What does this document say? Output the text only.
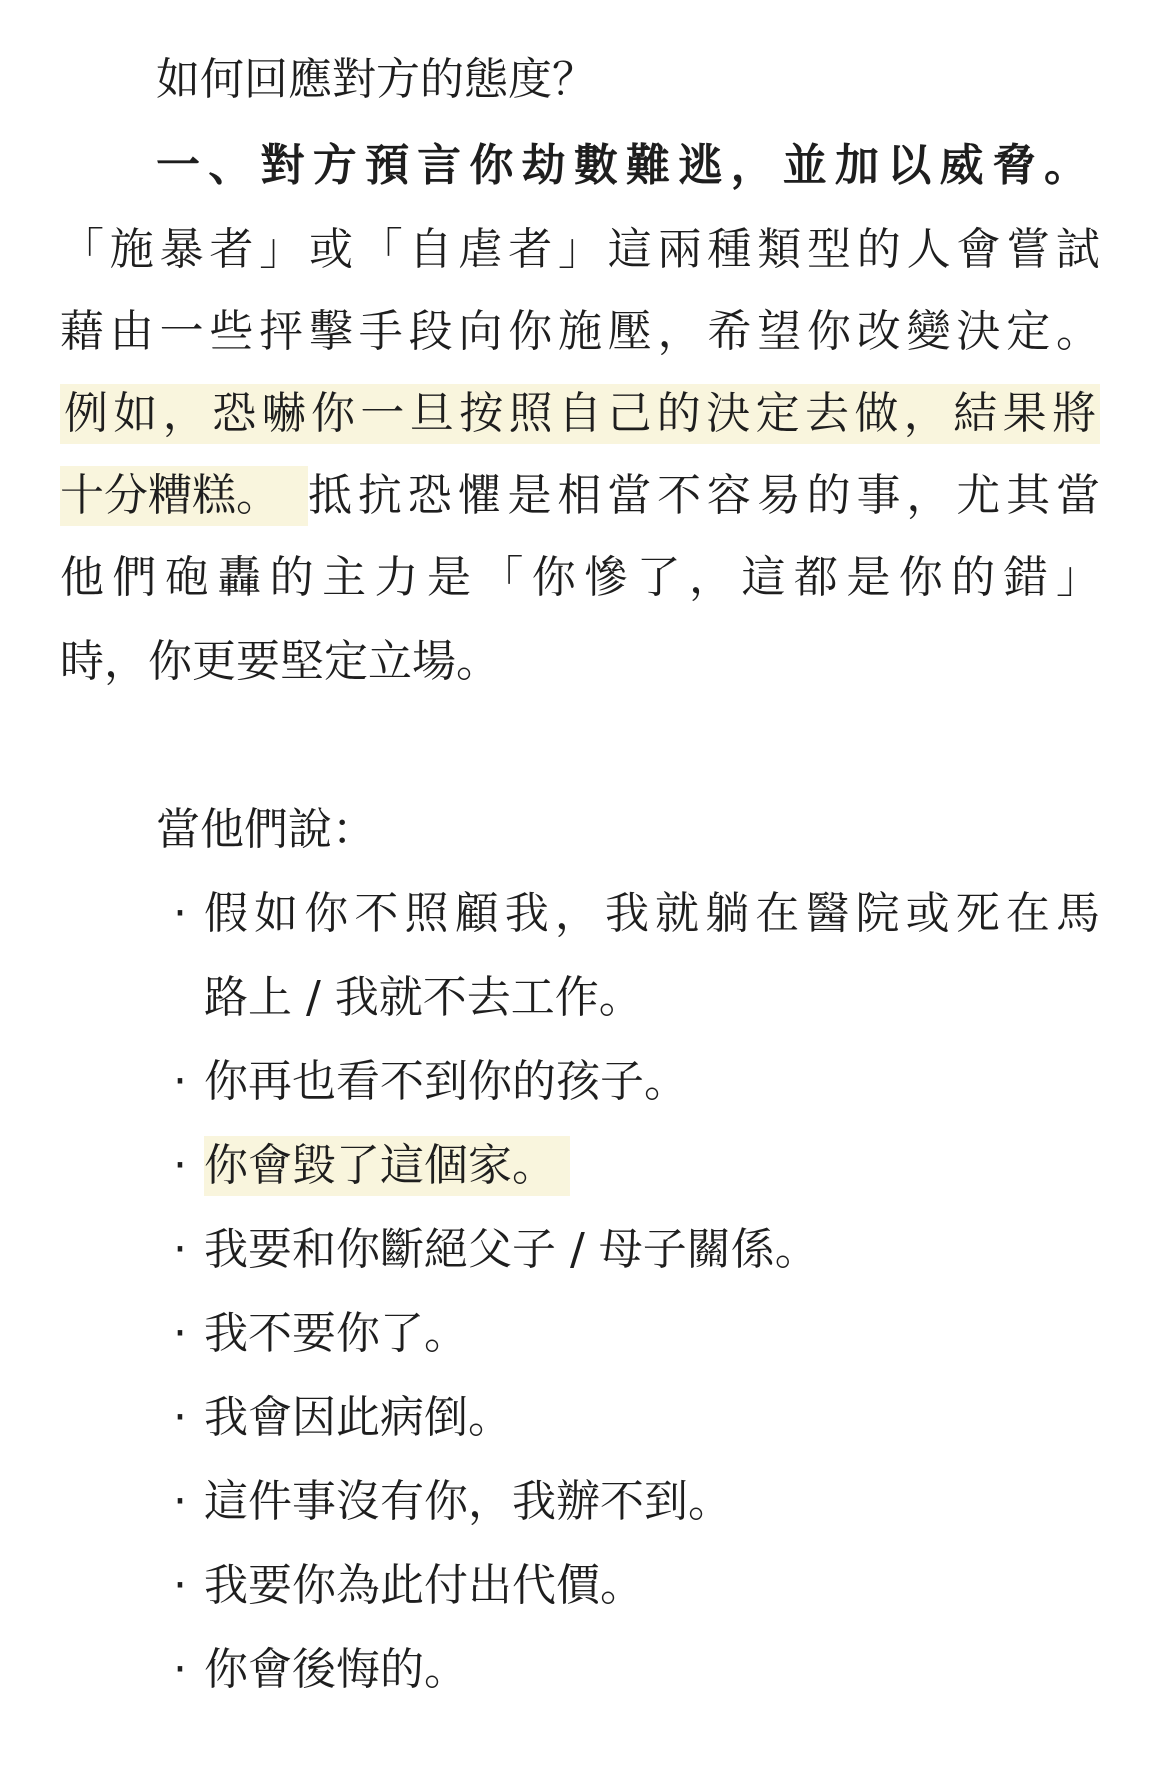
如何回應對方的態度？
一、對方預言你劫數難逃，並加以威脅。
「施暴者」或「自虐者」這兩種類型的人會嘗試
藉由一些抨擊手段向你施壓，希望你改變決定。
例如，恐嚇你一旦按照自己的決定去做，結果將
十分糟糕。 抵抗恐懼是相當不容易的事，尤其當
他們砲轟的主力是「你慘了，這都是你的錯」
時，你更要堅定立場。
當他們說：
· 假如你不照顧我，我就躺在醫院或死在馬
路上 / 我就不去工作。
· 你再也看不到你的孩子。
· 你會毀了這個家。
· 我要和你斷絕父子 / 母子關係。
· 我不要你了。
· 我會因此病倒。
· 這件事沒有你，我辦不到。
· 我要你為此付出代價。
· 你會後悔的。
